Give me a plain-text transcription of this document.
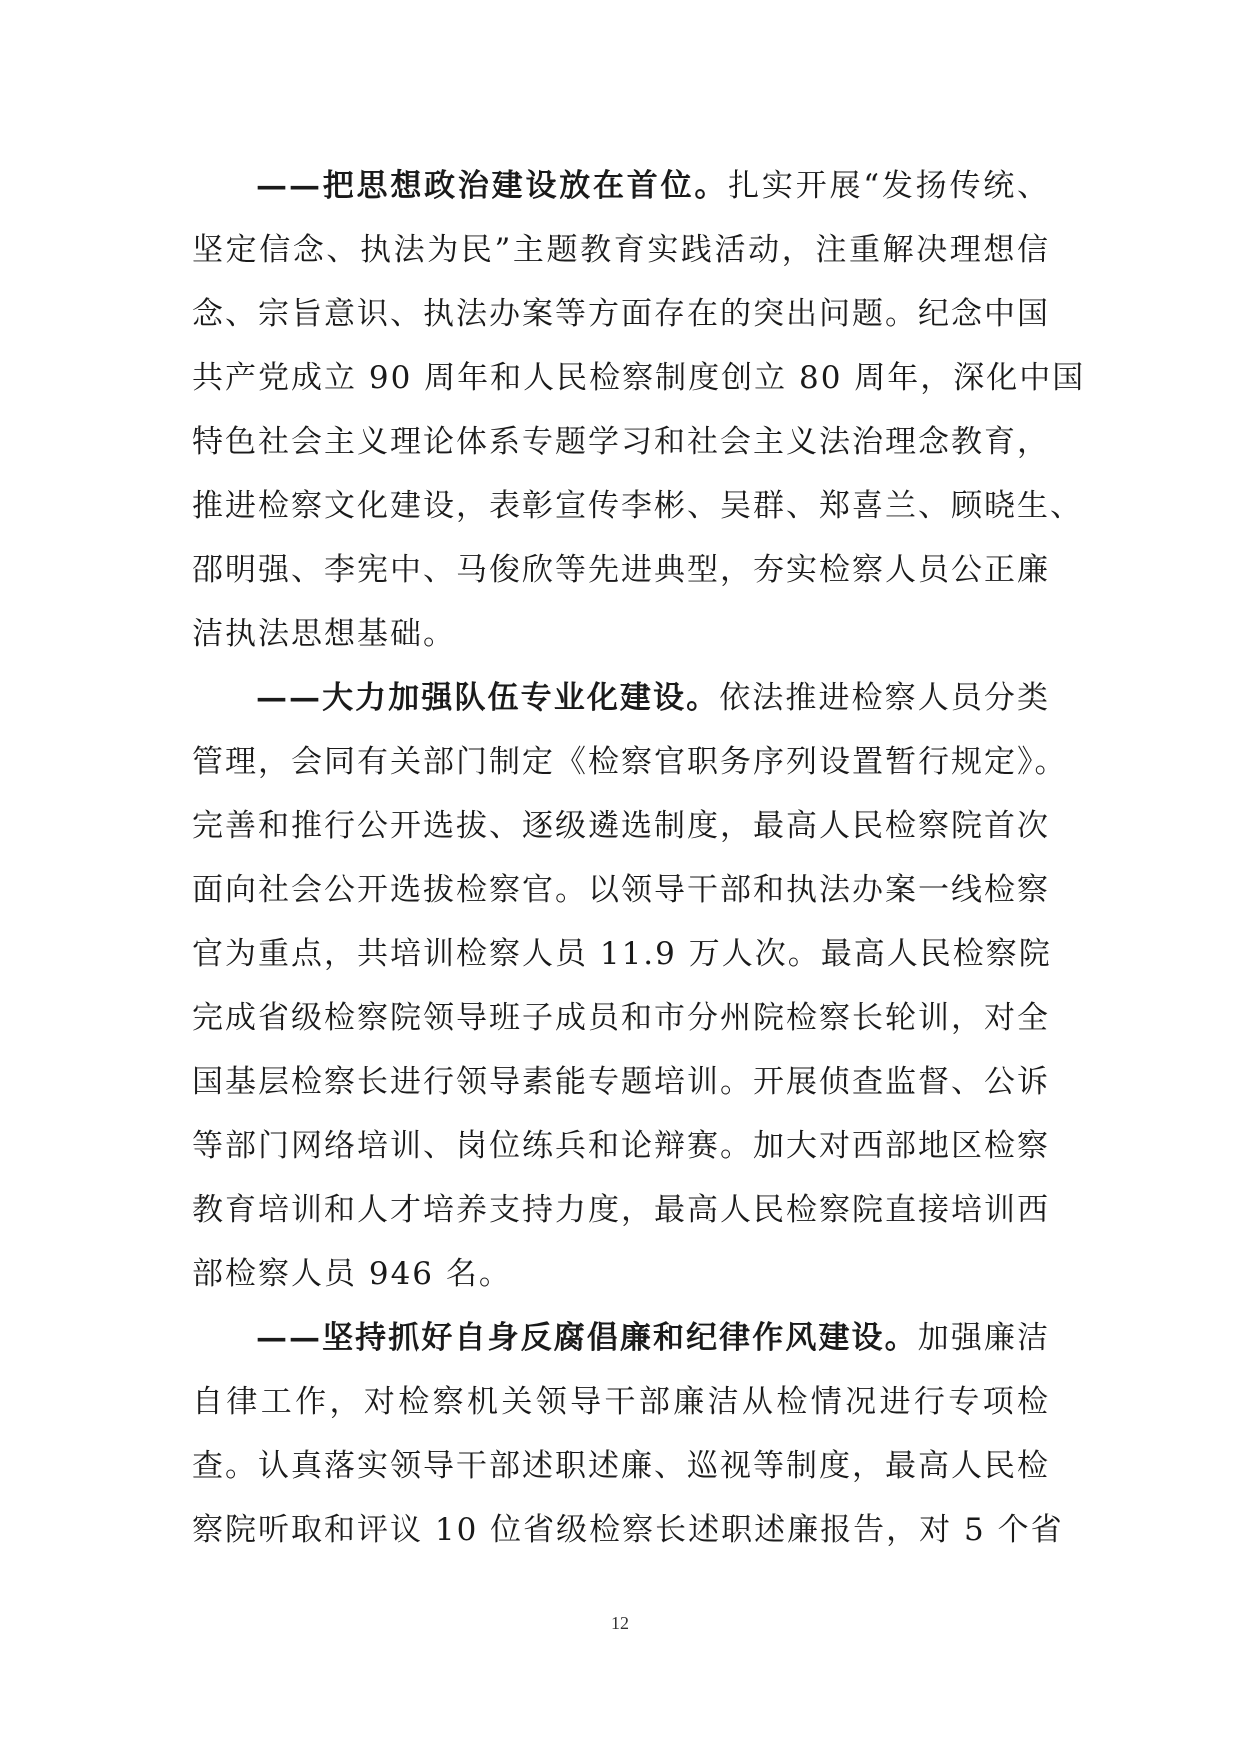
——把思想政治建设放在首位。扎实开展“发扬传统、
坚定信念、执法为民”主题教育实践活动，注重解决理想信
念、宗旨意识、执法办案等方面存在的突出问题。纪念中国
共产党成立 90 周年和人民检察制度创立 80 周年，深化中国
特色社会主义理论体系专题学习和社会主义法治理念教育，
推进检察文化建设，表彰宣传李彬、吴群、郑喜兰、顾晓生、
邵明强、李宪中、马俊欣等先进典型，夯实检察人员公正廉
洁执法思想基础。
——大力加强队伍专业化建设。依法推进检察人员分类
管理，会同有关部门制定《检察官职务序列设置暂行规定》。
完善和推行公开选拔、逐级遴选制度，最高人民检察院首次
面向社会公开选拔检察官。以领导干部和执法办案一线检察
官为重点，共培训检察人员 11.9 万人次。最高人民检察院
完成省级检察院领导班子成员和市分州院检察长轮训，对全
国基层检察长进行领导素能专题培训。开展侦查监督、公诉
等部门网络培训、岗位练兵和论辩赛。加大对西部地区检察
教育培训和人才培养支持力度，最高人民检察院直接培训西
部检察人员 946 名。
——坚持抓好自身反腐倡廉和纪律作风建设。加强廉洁
自律工作，对检察机关领导干部廉洁从检情况进行专项检
查。认真落实领导干部述职述廉、巡视等制度，最高人民检
察院听取和评议 10 位省级检察长述职述廉报告，对 5 个省
12
